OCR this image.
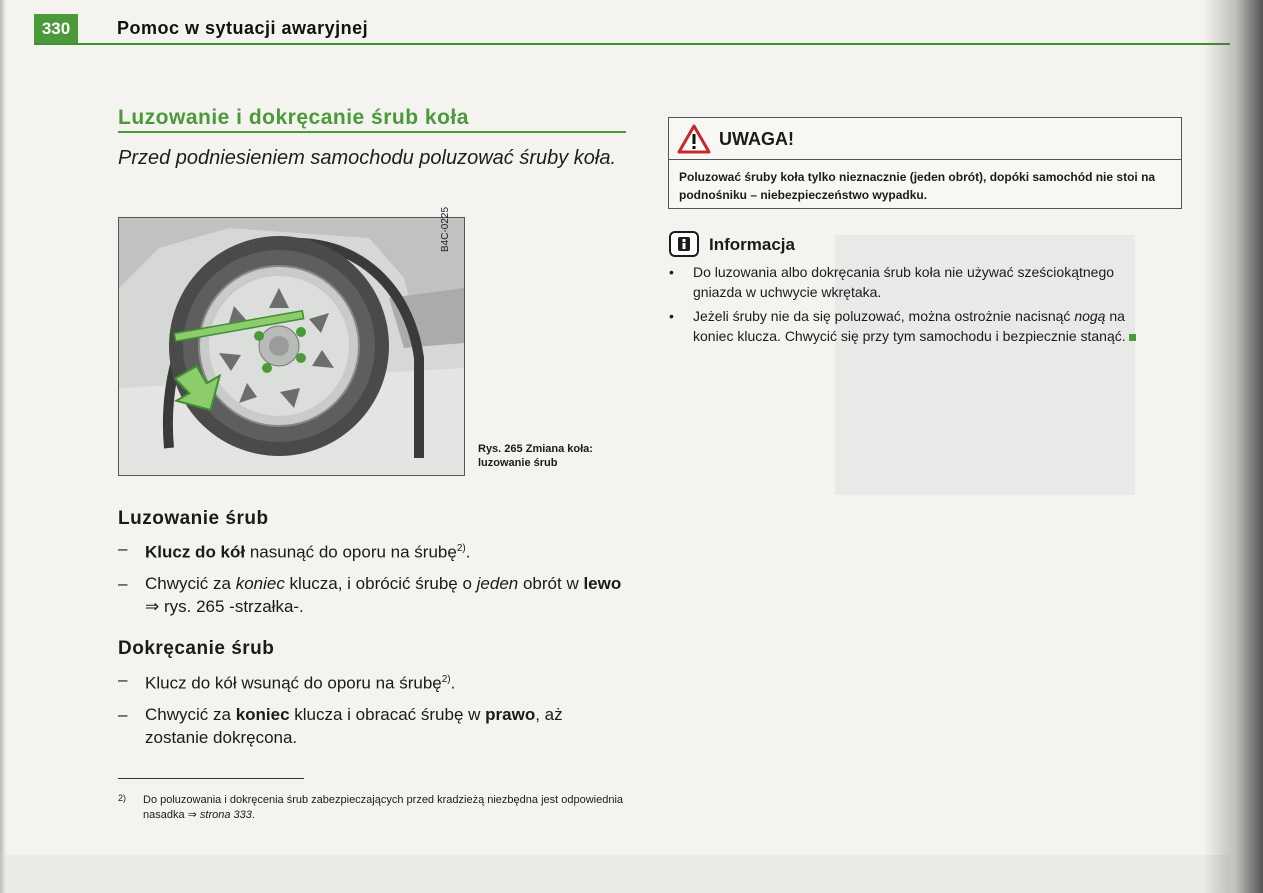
330	Pomoc w sytuacji awaryjnej
Luzowanie i dokręcanie śrub koła
Przed podniesieniem samochodu poluzować śruby koła.
B4C-0225
Rys. 265 Zmiana koła:
luzowanie śrub
Luzowanie śrub
– Klucz do kół nasunąć do oporu na śrubę$^{2)}$.
– Chwycić za koniec klucza, i obrócić śrubę o jeden obrót w lewo ⇒ rys. 265 -strzałka-.
Dokręcanie śrub
– Klucz do kół wsunąć do oporu na śrubę$^{2)}$.
– Chwycić za koniec klucza i obracać śrubę w prawo, aż zostanie dokręcona.
2) Do poluzowania i dokręcenia śrub zabezpieczających przed kradzieżą niezbędna jest odpowiednia nasadka ⇒ strona 333.
UWAGA!
Poluzować śruby koła tylko nieznacznie (jeden obrót), dopóki samochód nie stoi na podnośniku – niebezpieczeństwo wypadku.
Informacja
• Do luzowania albo dokręcania śrub koła nie używać sześciokątnego gniazda w uchwycie wkrętaka.
• Jeżeli śruby nie da się poluzować, można ostrożnie nacisnąć nogą na koniec klucza. Chwycić się przy tym samochodu i bezpiecznie stanąć.
